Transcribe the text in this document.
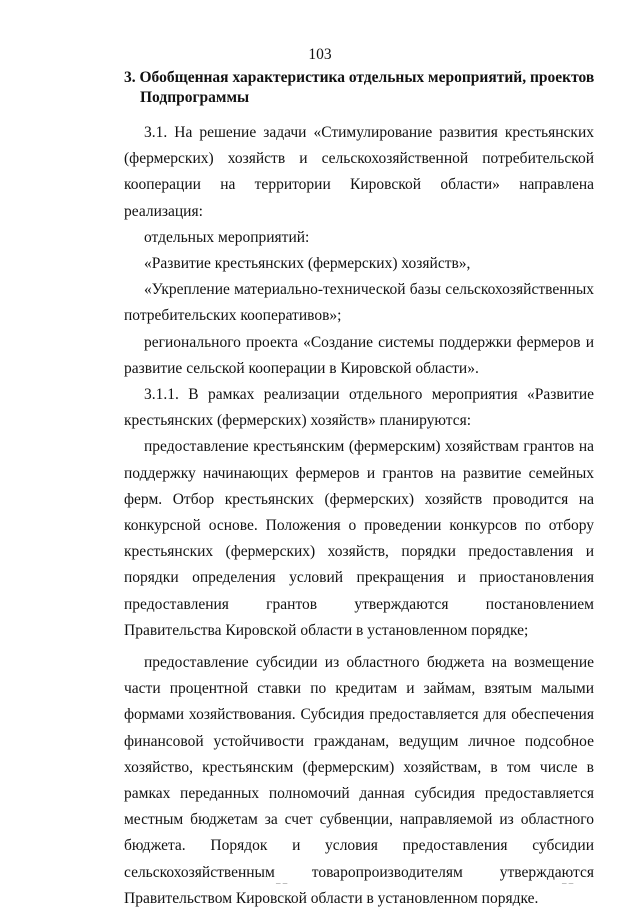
103
3. Обобщенная характеристика отдельных мероприятий, проектов
Подпрограммы

3.1. На решение задачи «Стимулирование развития крестьянских (фермерских) хозяйств и сельскохозяйственной потребительской кооперации на территории Кировской области» направлена реализация:

отдельных мероприятий:

«Развитие крестьянских (фермерских) хозяйств»,

«Укрепление материально-технической базы сельскохозяйственных потребительских кооперативов»;

регионального проекта «Создание системы поддержки фермеров и развитие сельской кооперации в Кировской области».

3.1.1. В рамках реализации отдельного мероприятия «Развитие крестьянских (фермерских) хозяйств» планируются:

предоставление крестьянским (фермерским) хозяйствам грантов на поддержку начинающих фермеров и грантов на развитие семейных ферм. Отбор крестьянских (фермерских) хозяйств проводится на конкурсной основе. Положения о проведении конкурсов по отбору крестьянских (фермерских) хозяйств, порядки предоставления и порядки определения условий прекращения и приостановления предоставления грантов утверждаются постановлением Правительства Кировской области в установленном порядке;

предоставление субсидии из областного бюджета на возмещение части процентной ставки по кредитам и займам, взятым малыми формами хозяйствования. Субсидия предоставляется для обеспечения финансовой устойчивости гражданам, ведущим личное подсобное хозяйство, крестьянским (фермерским) хозяйствам, в том числе в рамках переданных полномочий данная субсидия предоставляется местным бюджетам за счет субвенции, направляемой из областного бюджета. Порядок и условия предоставления субсидии сельскохозяйственным товаропроизводителям утверждаются Правительством Кировской области в установленном порядке.

‒ ‒	‒ ‒
